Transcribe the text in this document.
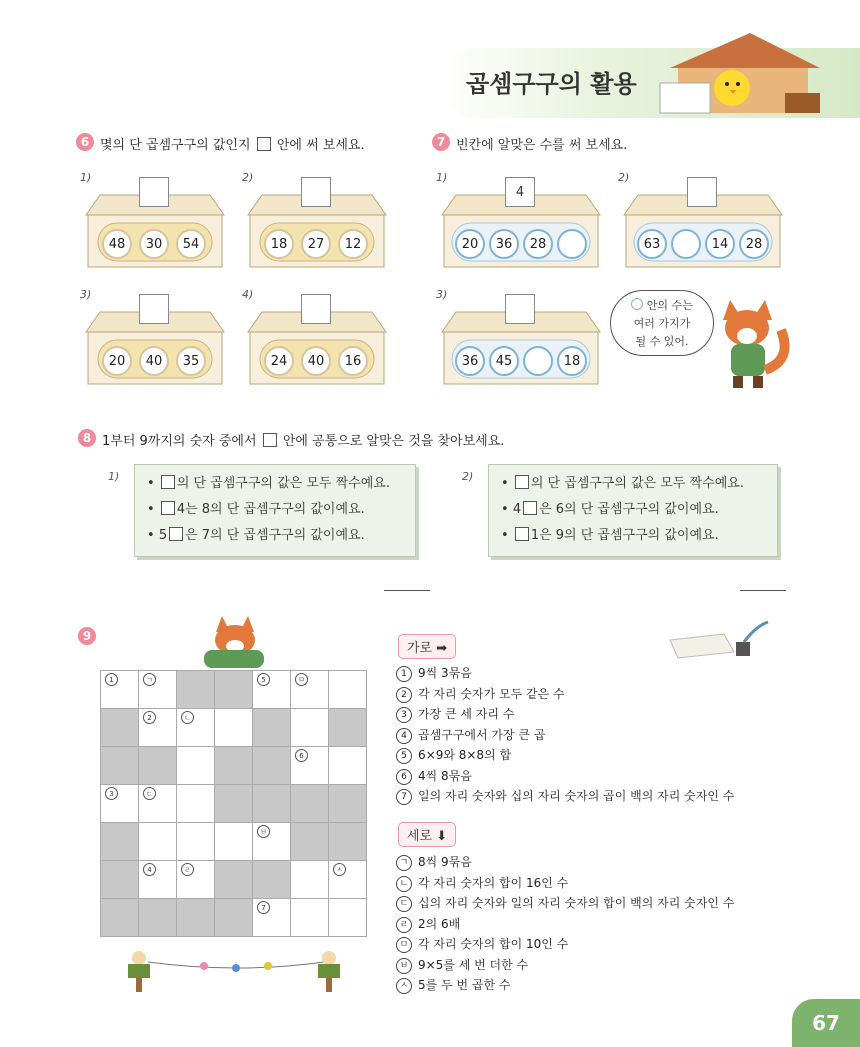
곱셈구구의 활용
6 몇의 단 곱셈구구의 값인지 안에 써 보세요.
1)
48	30	54
2)
18	27	12
3)
20	40	35
4)
24	40	16
7 빈칸에 알맞은 수를 써 보세요.
1)
4
20	36	28
2)
63	14	28
3)
36	45	18
안의 수는
여러 가지가
될 수 있어.
8 1부터 9까지의 숫자 중에서 안에 공통으로 알맞은 것을 찾아보세요.
1) • 의 단 곱셈구구의 값은 모두 짝수예요.
• 4는 8의 단 곱셈구구의 값이예요.
• 5 은 7의 단 곱셈구구의 값이예요.
2) • 의 단 곱셈구구의 값은 모두 짝수예요.
• 4 은 6의 단 곱셈구구의 값이예요.
• 1은 9의 단 곱셈구구의 값이예요.
9
1	ㄱ			5	ㅁ

2	ㄴ

6

3	ㄷ

ㅂ

4	ㄹ				ㅅ

7

가로 ➡
1 9씩 3묶음
2 각 자리 숫자가 모두 같은 수
3 가장 큰 세 자리 수
4 곱셈구구에서 가장 큰 곱
5 6×9와 8×8의 합
6 4씩 8묶음
7 일의 자리 숫자와 십의 자리 숫자의 곱이 백의 자리 숫자인 수
세로 ⬇
ㄱ 8씩 9묶음
ㄴ 각 자리 숫자의 합이 16인 수
ㄷ 십의 자리 숫자와 일의 자리 숫자의 합이 백의 자리 숫자인 수
ㄹ 2의 6배
ㅁ 각 자리 숫자의 합이 10인 수
ㅂ 9×5를 세 번 더한 수
ㅅ 5를 두 번 곱한 수
67
